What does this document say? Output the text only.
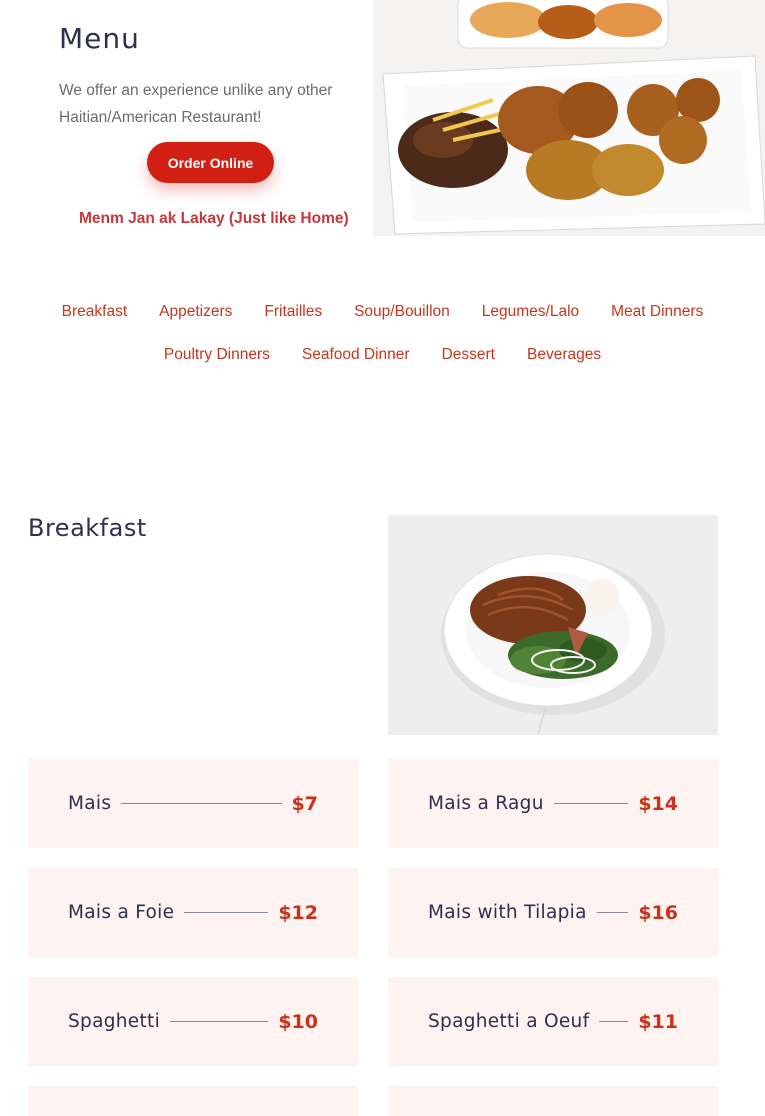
Menu

We offer an experience unlike any other Haitian/American Restaurant!

Order Online
Menm Jan ak Lakay (Just like Home)
Breakfast Appetizers Fritailles Soup/Bouillon Legumes/Lalo Meat Dinners
Poultry Dinners Seafood Dinner Dessert Beverages
Breakfast
Mais	$7	Mais a Ragu	$14
Mais a Foie	$12	Mais with Tilapia	$16
Spaghetti	$10	Spaghetti a Oeuf	$11
